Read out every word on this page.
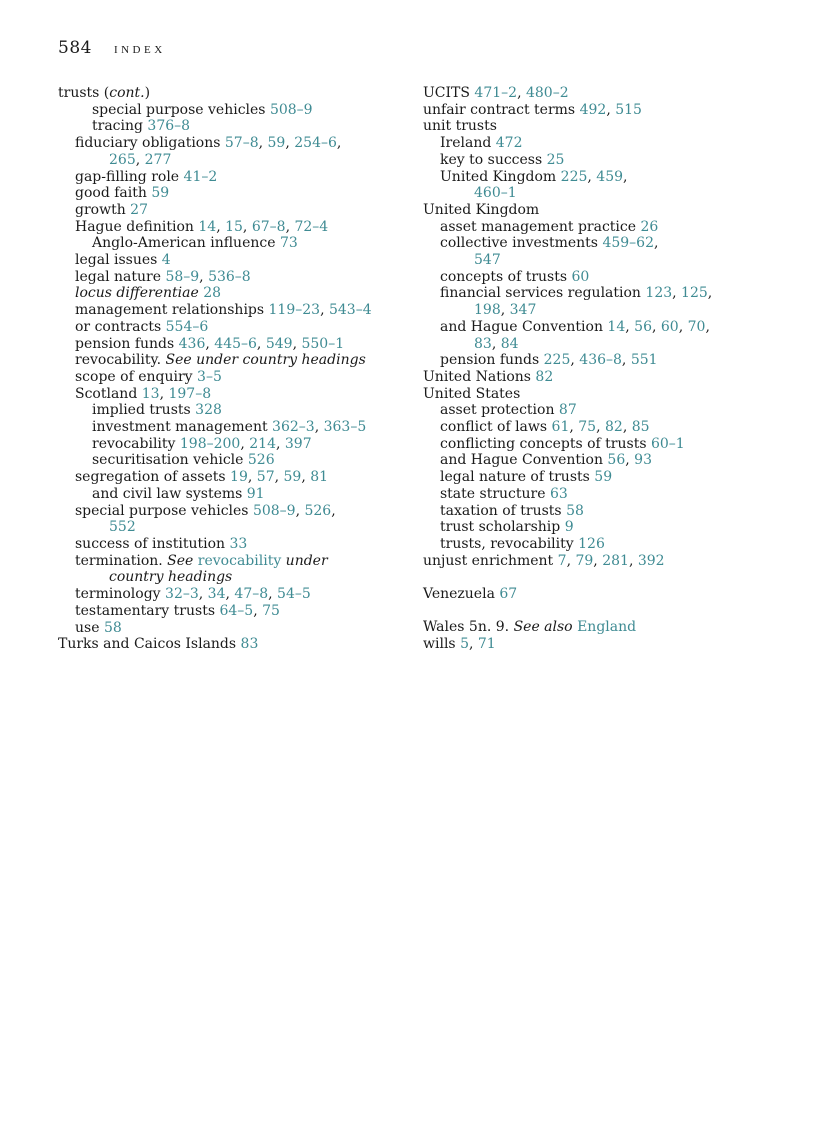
584 INDEX
trusts (cont.)
special purpose vehicles 508–9
tracing 376–8
fiduciary obligations 57–8, 59, 254–6,
265, 277
gap-filling role 41–2
good faith 59
growth 27
Hague definition 14, 15, 67–8, 72–4
Anglo-American influence 73
legal issues 4
legal nature 58–9, 536–8
locus differentiae 28
management relationships 119–23, 543–4
or contracts 554–6
pension funds 436, 445–6, 549, 550–1
revocability. See under country headings
scope of enquiry 3–5
Scotland 13, 197–8
implied trusts 328
investment management 362–3, 363–5
revocability 198–200, 214, 397
securitisation vehicle 526
segregation of assets 19, 57, 59, 81
and civil law systems 91
special purpose vehicles 508–9, 526,
552
success of institution 33
termination. See revocability under
country headings
terminology 32–3, 34, 47–8, 54–5
testamentary trusts 64–5, 75
use 58
Turks and Caicos Islands 83
UCITS 471–2, 480–2
unfair contract terms 492, 515
unit trusts
Ireland 472
key to success 25
United Kingdom 225, 459,
460–1
United Kingdom
asset management practice 26
collective investments 459–62,
547
concepts of trusts 60
financial services regulation 123, 125,
198, 347
and Hague Convention 14, 56, 60, 70,
83, 84
pension funds 225, 436–8, 551
United Nations 82
United States
asset protection 87
conflict of laws 61, 75, 82, 85
conflicting concepts of trusts 60–1
and Hague Convention 56, 93
legal nature of trusts 59
state structure 63
taxation of trusts 58
trust scholarship 9
trusts, revocability 126
unjust enrichment 7, 79, 281, 392
Venezuela 67
Wales 5n. 9. See also England
wills 5, 71
